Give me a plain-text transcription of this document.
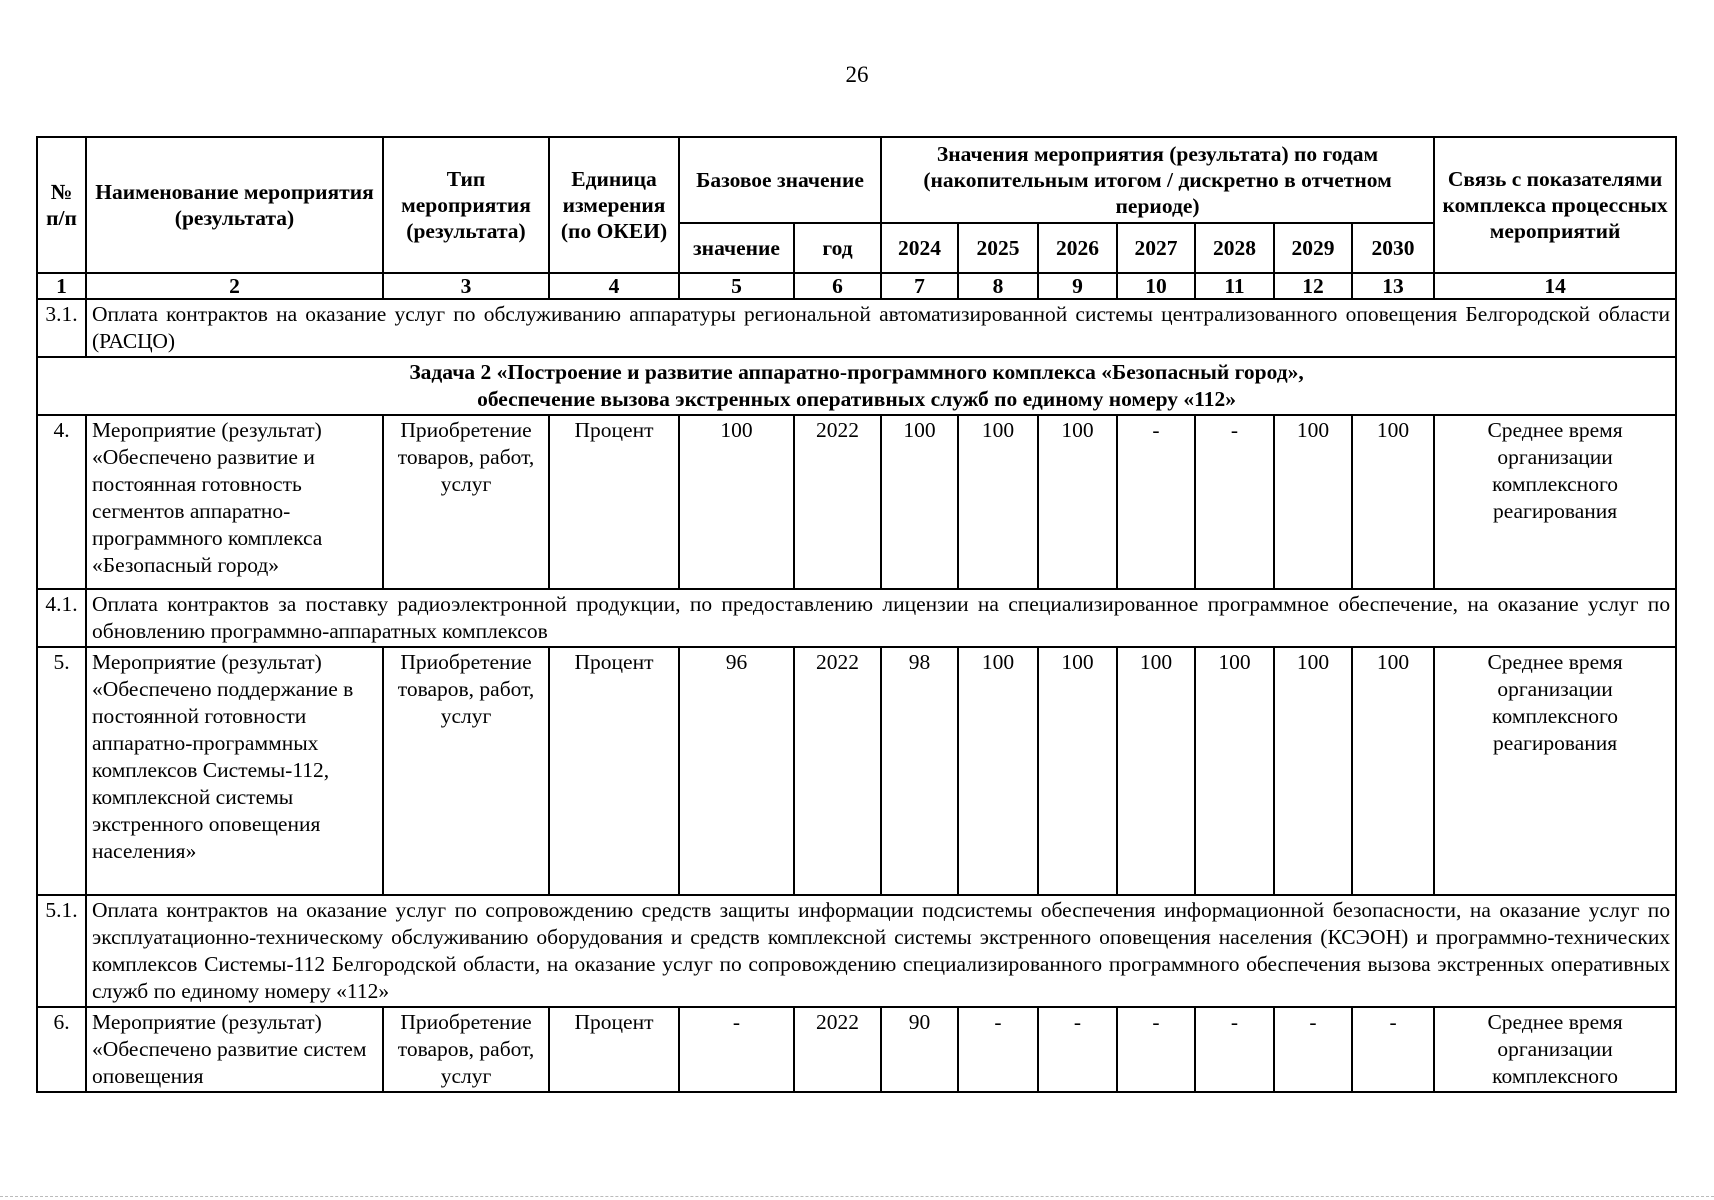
26
№ п/п	Наименование мероприятия (результата)	Тип мероприятия (результата)	Единица измерения (по ОКЕИ)	Базовое значение		Значения мероприятия (результата) по годам (накопительным итогом / дискретно в отчетном периоде)							Связь с показателями комплекса процессных мероприятий
				значение	год	2024	2025	2026	2027	2028	2029	2030	
1	2	3	4	5	6	7	8	9	10	11	12	13	14
3.1.	Оплата контрактов на оказание услуг по обслуживанию аппаратуры региональной автоматизированной системы централизованного оповещения Белгородской области (РАСЦО)												

Задача 2 «Построение и развитие аппаратно-программного комплекса «Безопасный город»,
обеспечение вызова экстренных оперативных служб по единому номеру «112»													

4.	Мероприятие (результат) «Обеспечено развитие и постоянная готовность сегментов аппаратно-программного комплекса «Безопасный город»	Приобретение товаров, работ, услуг	Процент	100	2022	100	100	100	-	-	100	100	Среднее время организации комплексного реагирования
4.1.	Оплата контрактов за поставку радиоэлектронной продукции, по предоставлению лицензии на специализированное программное обеспечение, на оказание услуг по обновлению программно-аппаратных комплексов												
5.	Мероприятие (результат) «Обеспечено поддержание в постоянной готовности аппаратно-программных комплексов Системы-112, комплексной системы экстренного оповещения населения»	Приобретение товаров, работ, услуг	Процент	96	2022	98	100	100	100	100	100	100	Среднее время организации комплексного реагирования
5.1.	Оплата контрактов на оказание услуг по сопровождению средств защиты информации подсистемы обеспечения информационной безопасности, на оказание услуг по эксплуатационно-техническому обслуживанию оборудования и средств комплексной системы экстренного оповещения населения (КСЭОН) и программно-технических комплексов Системы-112 Белгородской области, на оказание услуг по сопровождению специализированного программного обеспечения вызова экстренных оперативных служб по единому номеру «112»												
6.	Мероприятие (результат) «Обеспечено развитие систем оповещения	Приобретение товаров, работ, услуг	Процент	-	2022	90	-	-	-	-	-	-	Среднее время организации комплексного
